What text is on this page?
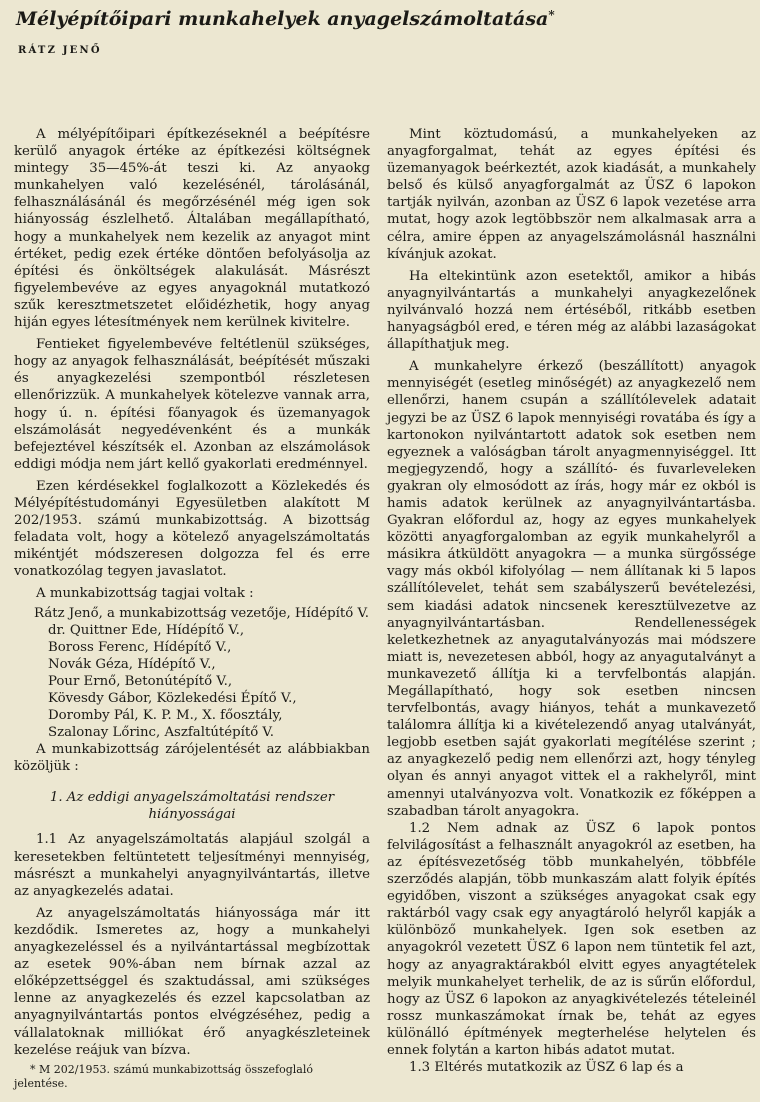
Mélyépítőipari munkahelyek anyagelszámoltatása*
RÁTZ JENŐ

A mélyépítőipari építkezéseknél a beépítésre kerülő anyagok értéke az építkezési költségnek mintegy 35—45%-át teszi ki. Az anyaokg munkahelyen való kezelésénél, tárolásánál, felhasználásánál és megőrzésénél még igen sok hiányosság észlelhető. Általában megállapítható, hogy a munkahelyek nem kezelik az anyagot mint értéket, pedig ezek értéke döntően befolyásolja az építési és önköltségek alakulását. Másrészt figyelembevéve az egyes anyagoknál mutatkozó szűk keresztmetszetet előidézhetik, hogy anyag hiján egyes létesítmények nem kerülnek kivitelre.

Fentieket figyelembevéve feltétlenül szükséges, hogy az anyagok felhasználását, beépítését műszaki és anyagkezelési szempontból részletesen ellenőrizzük. A munkahelyek kötelezve vannak arra, hogy ú. n. építési főanyagok és üzemanyagok elszámolását negyedévenként és a munkák befejeztével készítsék el. Azonban az elszámolások eddigi módja nem járt kellő gyakorlati eredménnyel.

Ezen kérdésekkel foglalkozott a Közlekedés és Mélyépítéstudományi Egyesületben alakított M 202/1953. számú munkabizottság. A bizottság feladata volt, hogy a kötelező anyagelszámoltatás mikéntjét módszeresen dolgozza fel és erre vonatkozólag tegyen javaslatot.

A munkabizottság tagjai voltak :

Rátz Jenő, a munkabizottság vezetője, Hídépítő V.
dr. Quittner Ede, Hídépítő V.,
Boross Ferenc, Hídépítő V.,
Novák Géza, Hídépítő V.,
Pour Ernő, Betonútépítő V.,
Kövesdy Gábor, Közlekedési Építő V.,
Doromby Pál, K. P. M., X. főosztály,
Szalonay Lőrinc, Aszfaltútépítő V.

A munkabizottság zárójelentését az alábbiakban közöljük :

1. Az eddigi anyagelszámoltatási rendszer hiányosságai

1.1 Az anyagelszámoltatás alapjául szolgál a keresetekben feltüntetett teljesítményi mennyiség, másrészt a munkahelyi anyagnyilvántartás, illetve az anyagkezelés adatai.

Az anyagelszámoltatás hiányossága már itt kezdődik. Ismeretes az, hogy a munkahelyi anyagkezeléssel és a nyilvántartással megbízottak az esetek 90%-ában nem bírnak azzal az előképzettséggel és szaktudással, ami szükséges lenne az anyagkezelés és ezzel kapcsolatban az anyagnyilvántartás pontos elvégzéséhez, pedig a vállalatoknak milliókat érő anyagkészleteinek kezelése reájuk van bízva.

* M 202/1953. számú munkabizottság összefoglaló jelentése.

Mint köztudomású, a munkahelyeken az anyagforgalmat, tehát az egyes építési és üzemanyagok beérkeztét, azok kiadását, a munkahely belső és külső anyagforgalmát az ÜSZ 6 lapokon tartják nyilván, azonban az ÜSZ 6 lapok vezetése arra mutat, hogy azok legtöbbször nem alkalmasak arra a célra, amire éppen az anyagelszámolásnál használni kívánjuk azokat.

Ha eltekintünk azon esetektől, amikor a hibás anyagnyilvántartás a munkahelyi anyagkezelőnek nyilvánvaló hozzá nem értéséből, ritkább esetben hanyagságból ered, e téren még az alábbi lazaságokat állapíthatjuk meg.

A munkahelyre érkező (beszállított) anyagok mennyiségét (esetleg minőségét) az anyagkezelő nem ellenőrzi, hanem csupán a szállítólevelek adatait jegyzi be az ÜSZ 6 lapok mennyiségi rovatába és így a kartonokon nyilvántartott adatok sok esetben nem egyeznek a valóságban tárolt anyagmennyiséggel. Itt megjegyzendő, hogy a szállító- és fuvarleveleken gyakran oly elmosódott az írás, hogy már ez okból is hamis adatok kerülnek az anyagnyilvántartásba. Gyakran előfordul az, hogy az egyes munkahelyek közötti anyagforgalomban az egyik munkahelyről a másikra átküldött anyagokra — a munka sürgőssége vagy más okból kifolyólag — nem állítanak ki 5 lapos szállítólevelet, tehát sem szabályszerű bevételezési, sem kiadási adatok nincsenek keresztülvezetve az anyagnyilvántartásban. Rendellenességek keletkezhetnek az anyagutalványozás mai módszere miatt is, nevezetesen abból, hogy az anyagutalványt a munkavezető állítja ki a tervfelbontás alapján. Megállapítható, hogy sok esetben nincsen tervfelbontás, avagy hiányos, tehát a munkavezető találomra állítja ki a kivételezendő anyag utalványát, legjobb esetben saját gyakorlati megítélése szerint ; az anyagkezelő pedig nem ellenőrzi azt, hogy tényleg olyan és annyi anyagot vittek el a rakhelyről, mint amennyi utalványozva volt. Vonatkozik ez főképpen a szabadban tárolt anyagokra.

1.2 Nem adnak az ÜSZ 6 lapok pontos felvilágosítást a felhasznált anyagokról az esetben, ha az építésvezetőség több munkahelyén, többféle szerződés alapján, több munkaszám alatt folyik építés egyidőben, viszont a szükséges anyagokat csak egy raktárból vagy csak egy anyagtároló helyről kapják a különböző munkahelyek. Igen sok esetben az anyagokról vezetett ÜSZ 6 lapon nem tüntetik fel azt, hogy az anyagraktárakból elvitt egyes anyagtételek melyik munkahelyet terhelik, de az is sűrűn előfordul, hogy az ÜSZ 6 lapokon az anyagkivételezés tételeinél rossz munkaszámokat írnak be, tehát az egyes különálló építmények megterhelése helytelen és ennek folytán a karton hibás adatot mutat.

1.3 Eltérés mutatkozik az ÜSZ 6 lap és a
